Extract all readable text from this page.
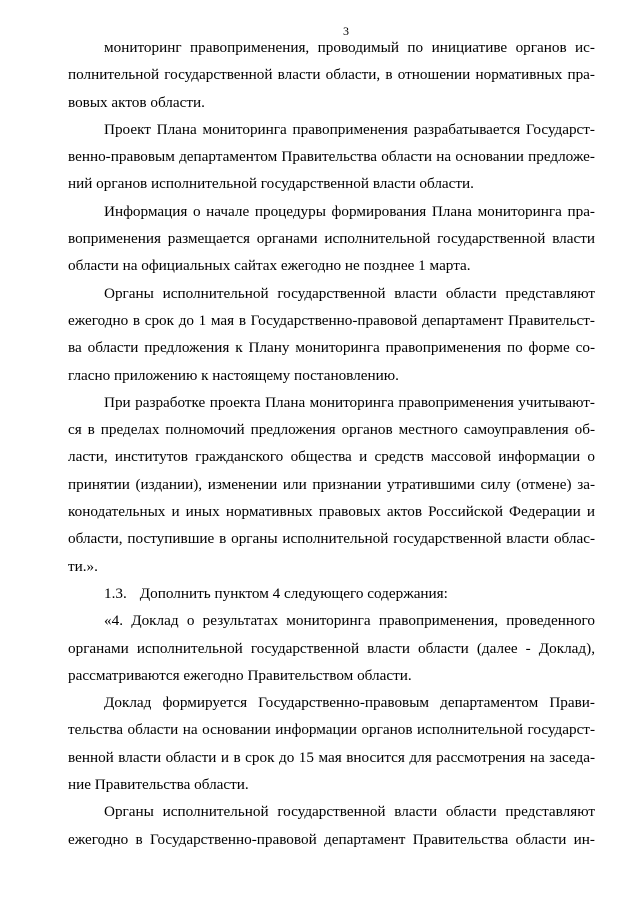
3
мониторинг правоприменения, проводимый по инициативе органов ис-
полнительной государственной власти области, в отношении нормативных пра-
вовых актов области.
Проект Плана мониторинга правоприменения разрабатывается Государст-
венно-правовым департаментом Правительства области на основании предложе-
ний органов исполнительной государственной власти области.
Информация о начале процедуры формирования Плана мониторинга пра-
воприменения размещается органами исполнительной государственной власти
области на официальных сайтах ежегодно не позднее 1 марта.
Органы исполнительной государственной власти области представляют
ежегодно в срок до 1 мая в Государственно-правовой департамент Правительст-
ва области предложения к Плану мониторинга правоприменения по форме со-
гласно приложению к настоящему постановлению.
При разработке проекта Плана мониторинга правоприменения учитывают-
ся в пределах полномочий предложения органов местного самоуправления об-
ласти, институтов гражданского общества и средств массовой информации о
принятии (издании), изменении или признании утратившими силу (отмене) за-
конодательных и иных нормативных правовых актов Российской Федерации и
области, поступившие в органы исполнительной государственной власти облас-
ти.».
1.3. Дополнить пунктом 4 следующего содержания:
«4. Доклад о результатах мониторинга правоприменения, проведенного
органами исполнительной государственной власти области (далее - Доклад),
рассматриваются ежегодно Правительством области.
Доклад формируется Государственно-правовым департаментом Прави-
тельства области на основании информации органов исполнительной государст-
венной власти области и в срок до 15 мая вносится для рассмотрения на заседа-
ние Правительства области.
Органы исполнительной государственной власти области представляют
ежегодно в Государственно-правовой департамент Правительства области ин-
